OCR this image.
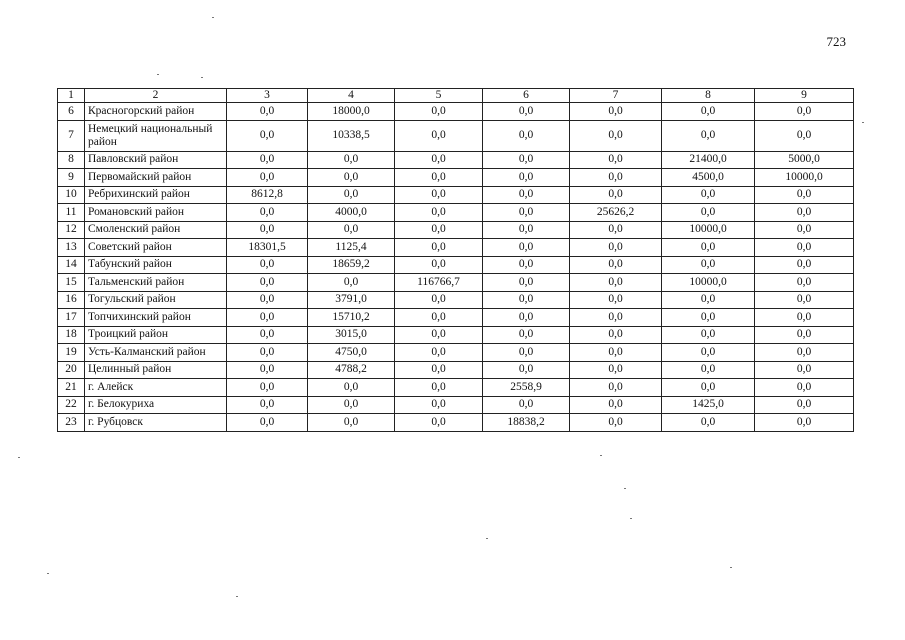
723
1	2	3	4	5	6	7	8	9
6	Красногорский район	0,0	18000,0	0,0	0,0	0,0	0,0	0,0
7	Немецкий национальный район	0,0	10338,5	0,0	0,0	0,0	0,0	0,0
8	Павловский район	0,0	0,0	0,0	0,0	0,0	21400,0	5000,0
9	Первомайский район	0,0	0,0	0,0	0,0	0,0	4500,0	10000,0
10	Ребрихинский район	8612,8	0,0	0,0	0,0	0,0	0,0	0,0
11	Романовский район	0,0	4000,0	0,0	0,0	25626,2	0,0	0,0
12	Смоленский район	0,0	0,0	0,0	0,0	0,0	10000,0	0,0
13	Советский район	18301,5	1125,4	0,0	0,0	0,0	0,0	0,0
14	Табунский район	0,0	18659,2	0,0	0,0	0,0	0,0	0,0
15	Тальменский район	0,0	0,0	116766,7	0,0	0,0	10000,0	0,0
16	Тогульский район	0,0	3791,0	0,0	0,0	0,0	0,0	0,0
17	Топчихинский район	0,0	15710,2	0,0	0,0	0,0	0,0	0,0
18	Троицкий район	0,0	3015,0	0,0	0,0	0,0	0,0	0,0
19	Усть-Калманский район	0,0	4750,0	0,0	0,0	0,0	0,0	0,0
20	Целинный район	0,0	4788,2	0,0	0,0	0,0	0,0	0,0
21	г. Алейск	0,0	0,0	0,0	2558,9	0,0	0,0	0,0
22	г. Белокуриха	0,0	0,0	0,0	0,0	0,0	1425,0	0,0
23	г. Рубцовск	0,0	0,0	0,0	18838,2	0,0	0,0	0,0
